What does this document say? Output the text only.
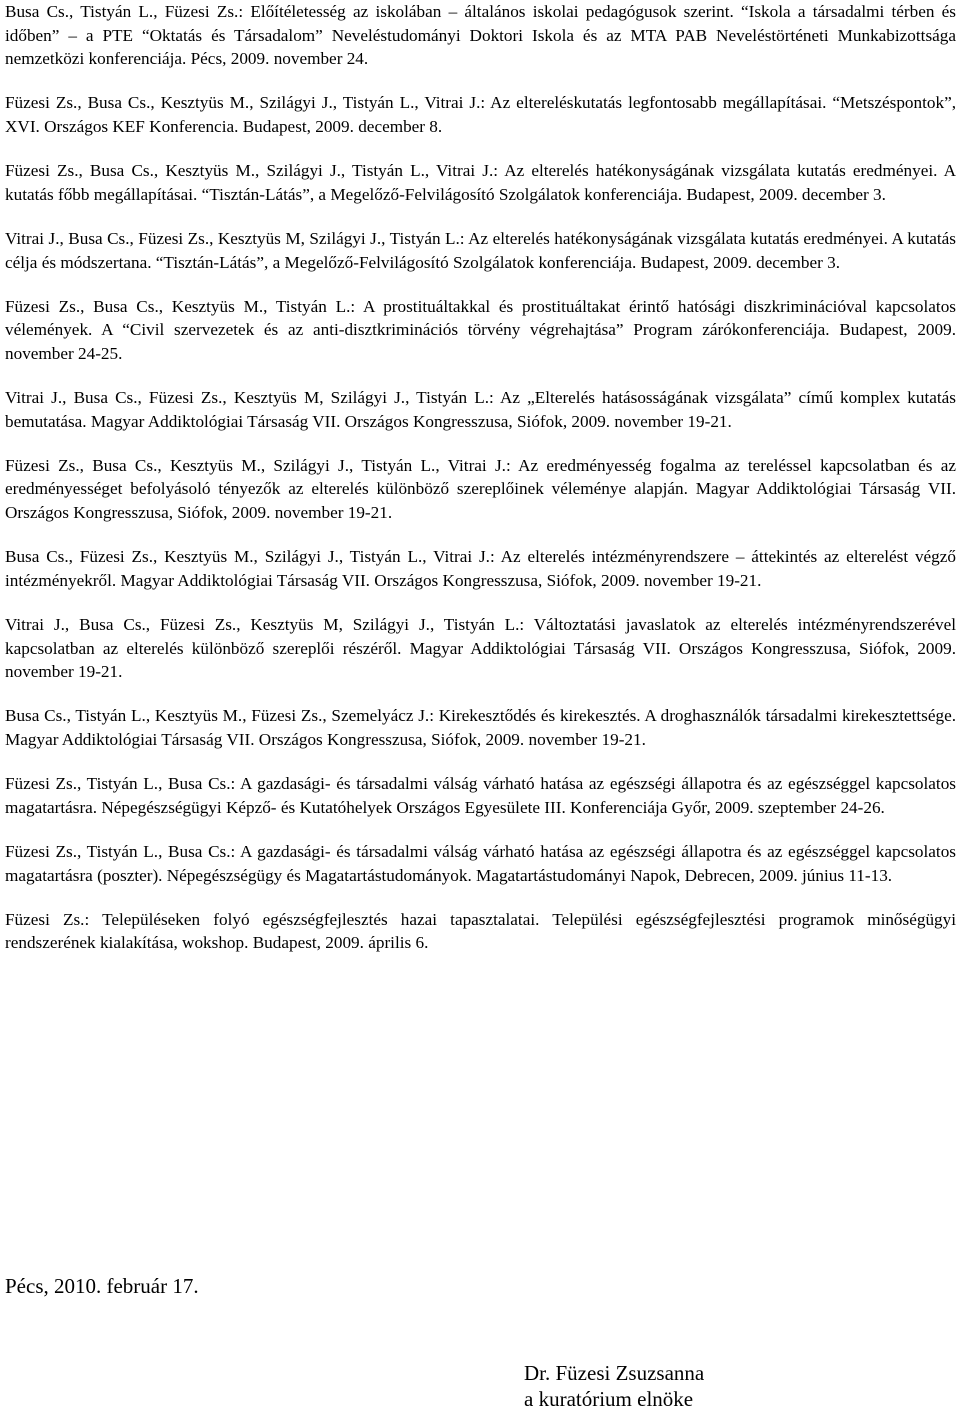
Busa Cs., Tistyán L., Füzesi Zs.: Előítéletesség az iskolában – általános iskolai pedagógusok szerint. “Iskola a társadalmi térben és időben” – a PTE “Oktatás és Társadalom” Neveléstudományi Doktori Iskola és az MTA PAB Neveléstörténeti Munkabizottsága nemzetközi konferenciája. Pécs, 2009. november 24.

Füzesi Zs., Busa Cs., Kesztyüs M., Szilágyi J., Tistyán L., Vitrai J.: Az eltereléskutatás legfontosabb megállapításai. “Metszéspontok”, XVI. Országos KEF Konferencia. Budapest, 2009. december 8.

Füzesi Zs., Busa Cs., Kesztyüs M., Szilágyi J., Tistyán L., Vitrai J.: Az elterelés hatékonyságának vizsgálata kutatás eredményei. A kutatás főbb megállapításai. “Tisztán-Látás”, a Megelőző-Felvilágosító Szolgálatok konferenciája. Budapest, 2009. december 3.

Vitrai J., Busa Cs., Füzesi Zs., Kesztyüs M, Szilágyi J., Tistyán L.: Az elterelés hatékonyságának vizsgálata kutatás eredményei. A kutatás célja és módszertana. “Tisztán-Látás”, a Megelőző-Felvilágosító Szolgálatok konferenciája. Budapest, 2009. december 3.

Füzesi Zs., Busa Cs., Kesztyüs M., Tistyán L.: A prostituáltakkal és prostituáltakat érintő hatósági diszkriminációval kapcsolatos vélemények. A “Civil szervezetek és az anti-disztkriminációs törvény végrehajtása” Program zárókonferenciája. Budapest, 2009. november 24-25.

Vitrai J., Busa Cs., Füzesi Zs., Kesztyüs M, Szilágyi J., Tistyán L.: Az „Elterelés hatásosságának vizsgálata” című komplex kutatás bemutatása. Magyar Addiktológiai Társaság VII. Országos Kongresszusa, Siófok, 2009. november 19-21.

Füzesi Zs., Busa Cs., Kesztyüs M., Szilágyi J., Tistyán L., Vitrai J.: Az eredményesség fogalma az tereléssel kapcsolatban és az eredményességet befolyásoló tényezők az elterelés különböző szereplőinek véleménye alapján. Magyar Addiktológiai Társaság VII. Országos Kongresszusa, Siófok, 2009. november 19-21.

Busa Cs., Füzesi Zs., Kesztyüs M., Szilágyi J., Tistyán L., Vitrai J.: Az elterelés intézményrendszere – áttekintés az elterelést végző intézményekről. Magyar Addiktológiai Társaság VII. Országos Kongresszusa, Siófok, 2009. november 19-21.

Vitrai J., Busa Cs., Füzesi Zs., Kesztyüs M, Szilágyi J., Tistyán L.: Változtatási javaslatok az elterelés intézményrendszerével kapcsolatban az elterelés különböző szereplői részéről. Magyar Addiktológiai Társaság VII. Országos Kongresszusa, Siófok, 2009. november 19-21.

Busa Cs., Tistyán L., Kesztyüs M., Füzesi Zs., Szemelyácz J.: Kirekesztődés és kirekesztés. A droghasználók társadalmi kirekesztettsége. Magyar Addiktológiai Társaság VII. Országos Kongresszusa, Siófok, 2009. november 19-21.

Füzesi Zs., Tistyán L., Busa Cs.: A gazdasági- és társadalmi válság várható hatása az egészségi állapotra és az egészséggel kapcsolatos magatartásra. Népegészségügyi Képző- és Kutatóhelyek Országos Egyesülete III. Konferenciája Győr, 2009. szeptember 24-26.

Füzesi Zs., Tistyán L., Busa Cs.: A gazdasági- és társadalmi válság várható hatása az egészségi állapotra és az egészséggel kapcsolatos magatartásra (poszter). Népegészségügy és Magatartástudományok. Magatartástudományi Napok, Debrecen, 2009. június 11-13.

Füzesi Zs.: Településeken folyó egészségfejlesztés hazai tapasztalatai. Települési egészségfejlesztési programok minőségügyi rendszerének kialakítása, wokshop. Budapest, 2009. április 6.

Pécs, 2010. február 17.
Dr. Füzesi Zsuzsanna
a kuratórium elnöke
